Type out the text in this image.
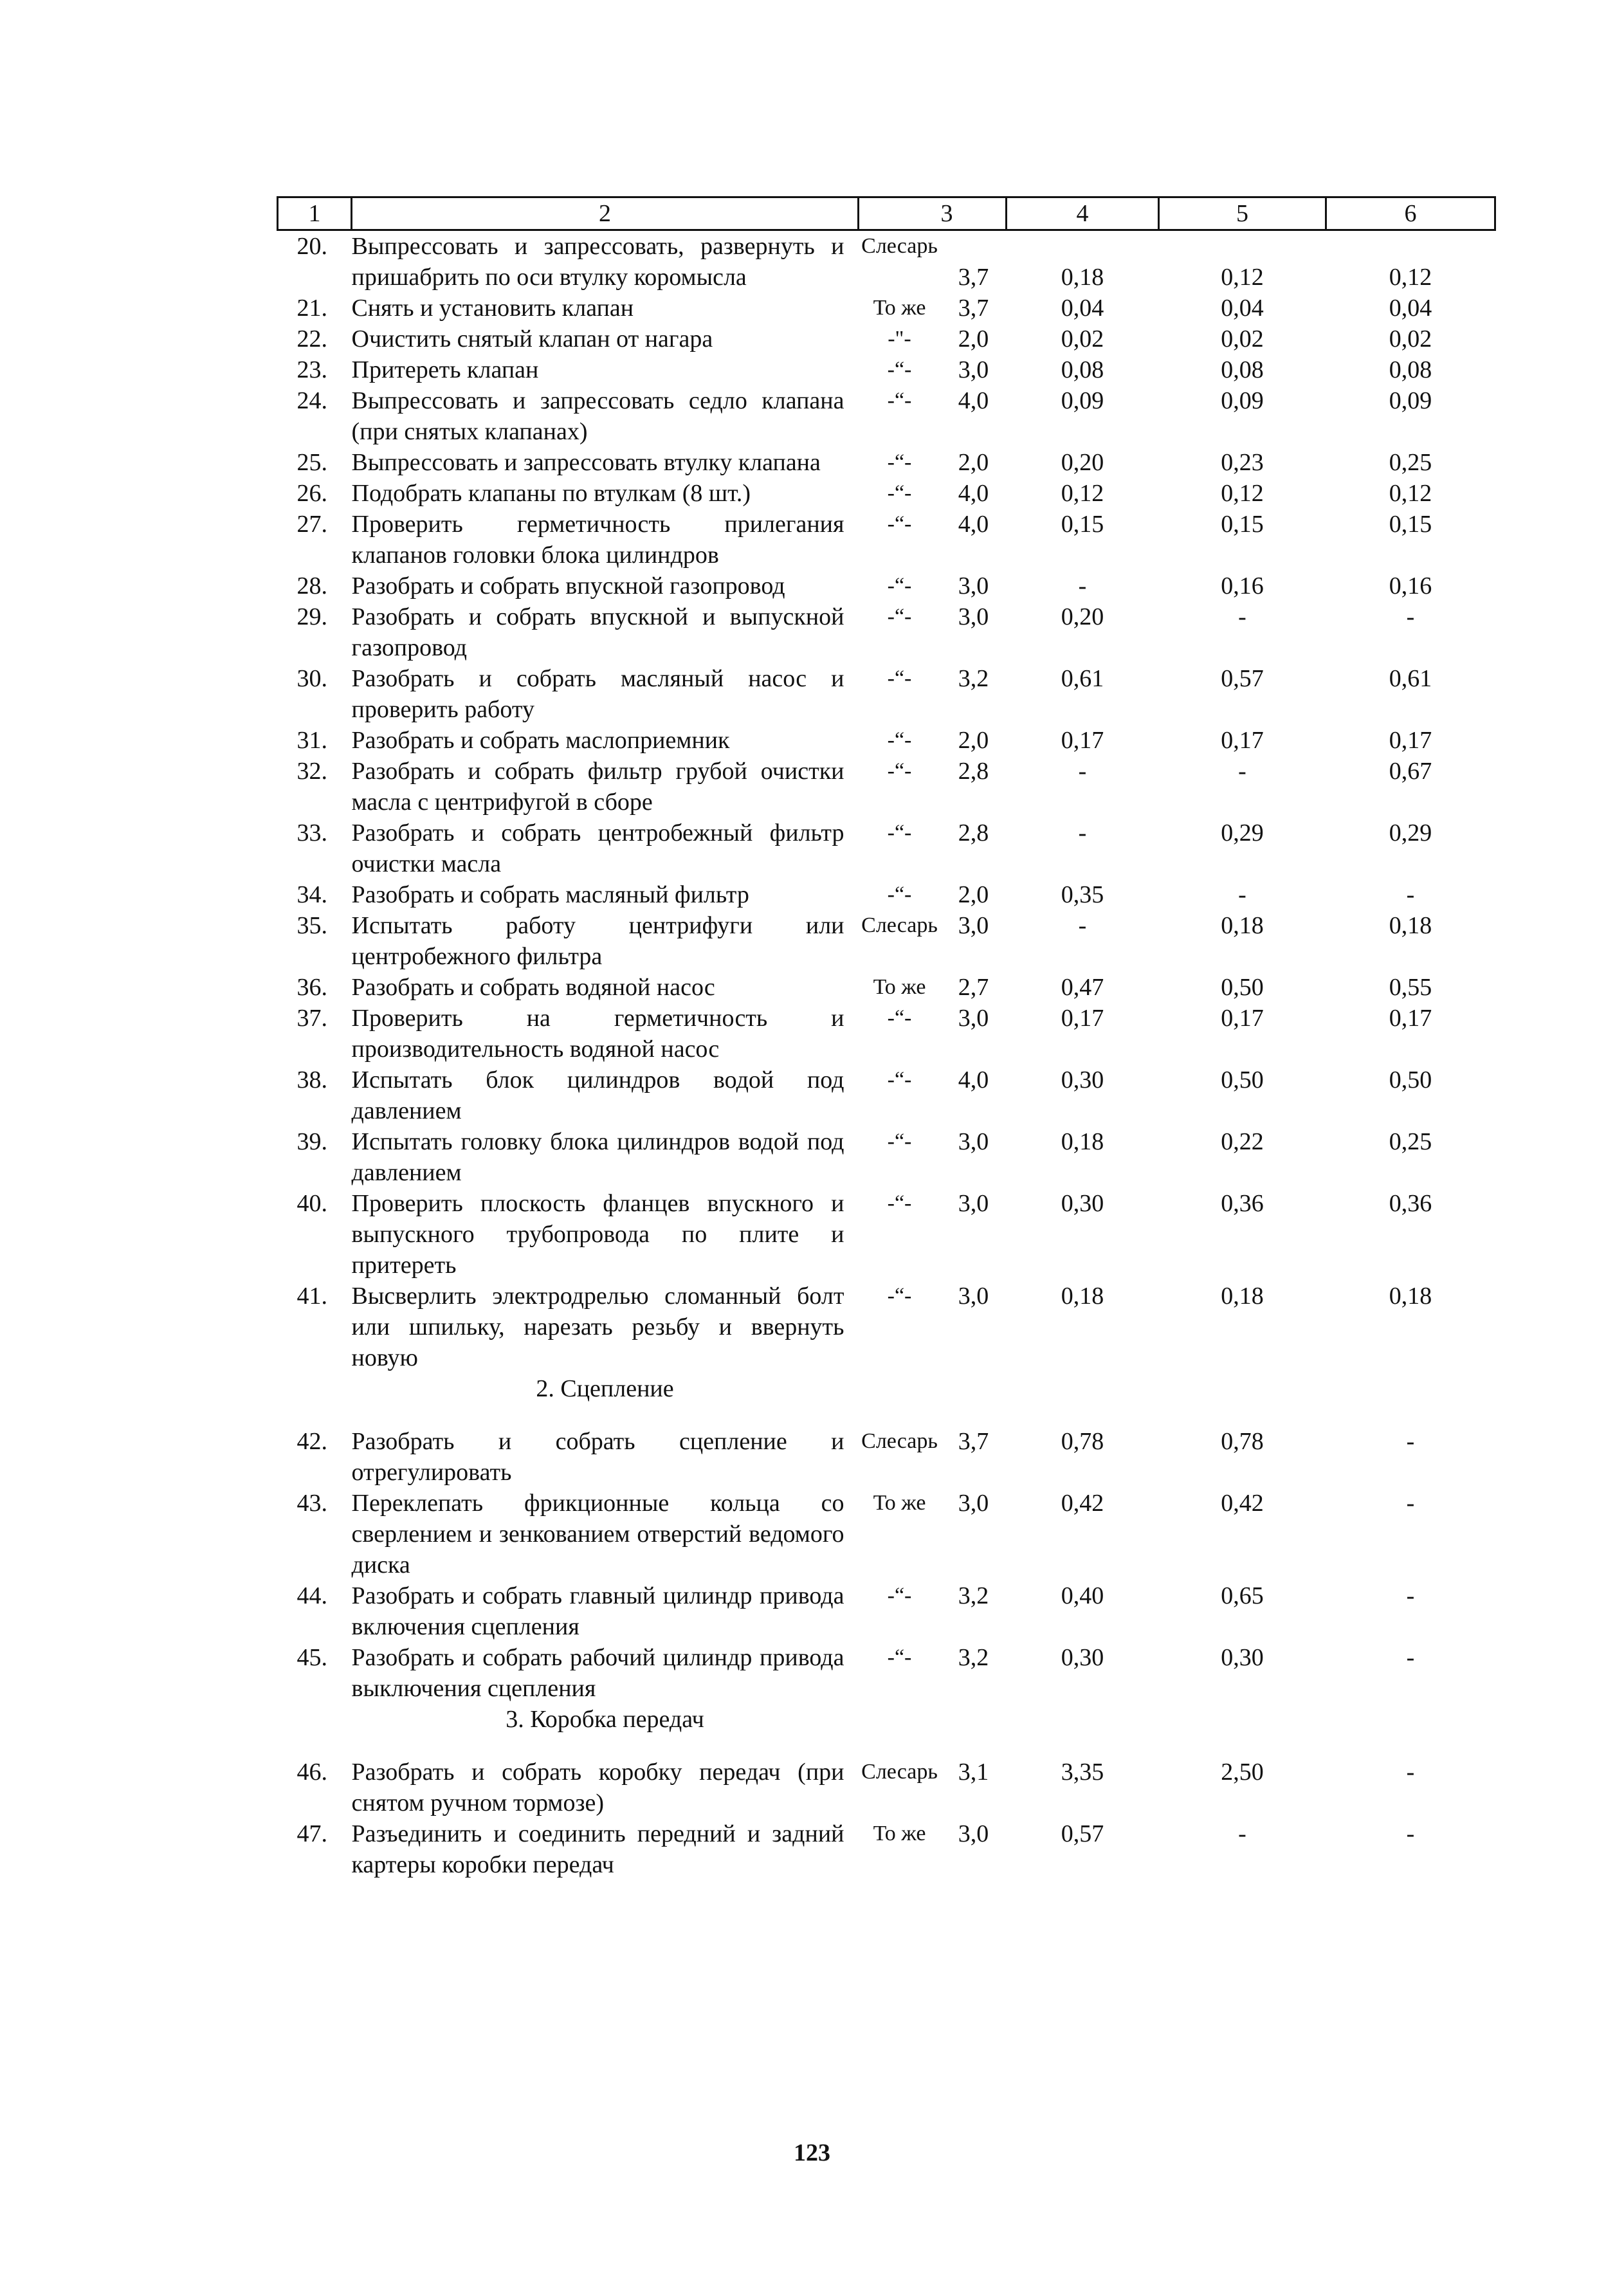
1	2		3	4	5	6
20.	Выпрессовать и запрессовать, развернуть и пришабрить по оси втулку коромысла	Слесарь	3,7	0,18	0,12	0,12
21.	Снять и установить клапан	То же	3,7	0,04	0,04	0,04
22.	Очистить снятый клапан от нагара	-"-	2,0	0,02	0,02	0,02
23.	Притереть клапан	-“-	3,0	0,08	0,08	0,08
24.	Выпрессовать и запрессовать седло клапана (при снятых клапанах)	-“-	4,0	0,09	0,09	0,09
25.	Выпрессовать и запрессовать втулку клапана	-“-	2,0	0,20	0,23	0,25
26.	Подобрать клапаны по втулкам (8 шт.)	-“-	4,0	0,12	0,12	0,12
27.	Проверить герметичность прилегания клапанов головки блока цилиндров	-“-	4,0	0,15	0,15	0,15
28.	Разобрать и собрать впускной газопровод	-“-	3,0	-	0,16	0,16
29.	Разобрать и собрать впускной и выпускной газопровод	-“-	3,0	0,20	-	-
30.	Разобрать и собрать масляный насос и проверить работу	-“-	3,2	0,61	0,57	0,61
31.	Разобрать и собрать маслоприемник	-“-	2,0	0,17	0,17	0,17
32.	Разобрать и собрать фильтр грубой очистки масла с центрифугой в сборе	-“-	2,8	-	-	0,67
33.	Разобрать и собрать центробежный фильтр очистки масла	-“-	2,8	-	0,29	0,29
34.	Разобрать и собрать масляный фильтр	-“-	2,0	0,35	-	-
35.	Испытать работу центрифуги или центробежного фильтра	Слесарь	3,0	-	0,18	0,18
36.	Разобрать и собрать водяной насос	То же	2,7	0,47	0,50	0,55
37.	Проверить на герметичность и производительность водяной насос	-“-	3,0	0,17	0,17	0,17
38.	Испытать блок цилиндров водой под давлением	-“-	4,0	0,30	0,50	0,50
39.	Испытать головку блока цилиндров водой под давлением	-“-	3,0	0,18	0,22	0,25
40.	Проверить плоскость фланцев впускного и выпускного трубопровода по плите и притереть	-“-	3,0	0,30	0,36	0,36
41.	Высверлить электродрелью сломанный болт или шпильку, нарезать резьбу и ввернуть новую	-“-	3,0	0,18	0,18	0,18
	2. Сцепление					
42.	Разобрать и собрать сцепление и отрегулировать	Слесарь	3,7	0,78	0,78	-
43.	Переклепать фрикционные кольца со сверлением и зенкованием отверстий ведомого диска	То же	3,0	0,42	0,42	-
44.	Разобрать и собрать главный цилиндр привода включения сцепления	-“-	3,2	0,40	0,65	-
45.	Разобрать и собрать рабочий цилиндр привода выключения сцепления	-“-	3,2	0,30	0,30	-
	3. Коробка передач					
46.	Разобрать и собрать коробку передач (при снятом ручном тормозе)	Слесарь	3,1	3,35	2,50	-
47.	Разъединить и соединить передний и задний картеры коробки передач	То же	3,0	0,57	-	-
123
